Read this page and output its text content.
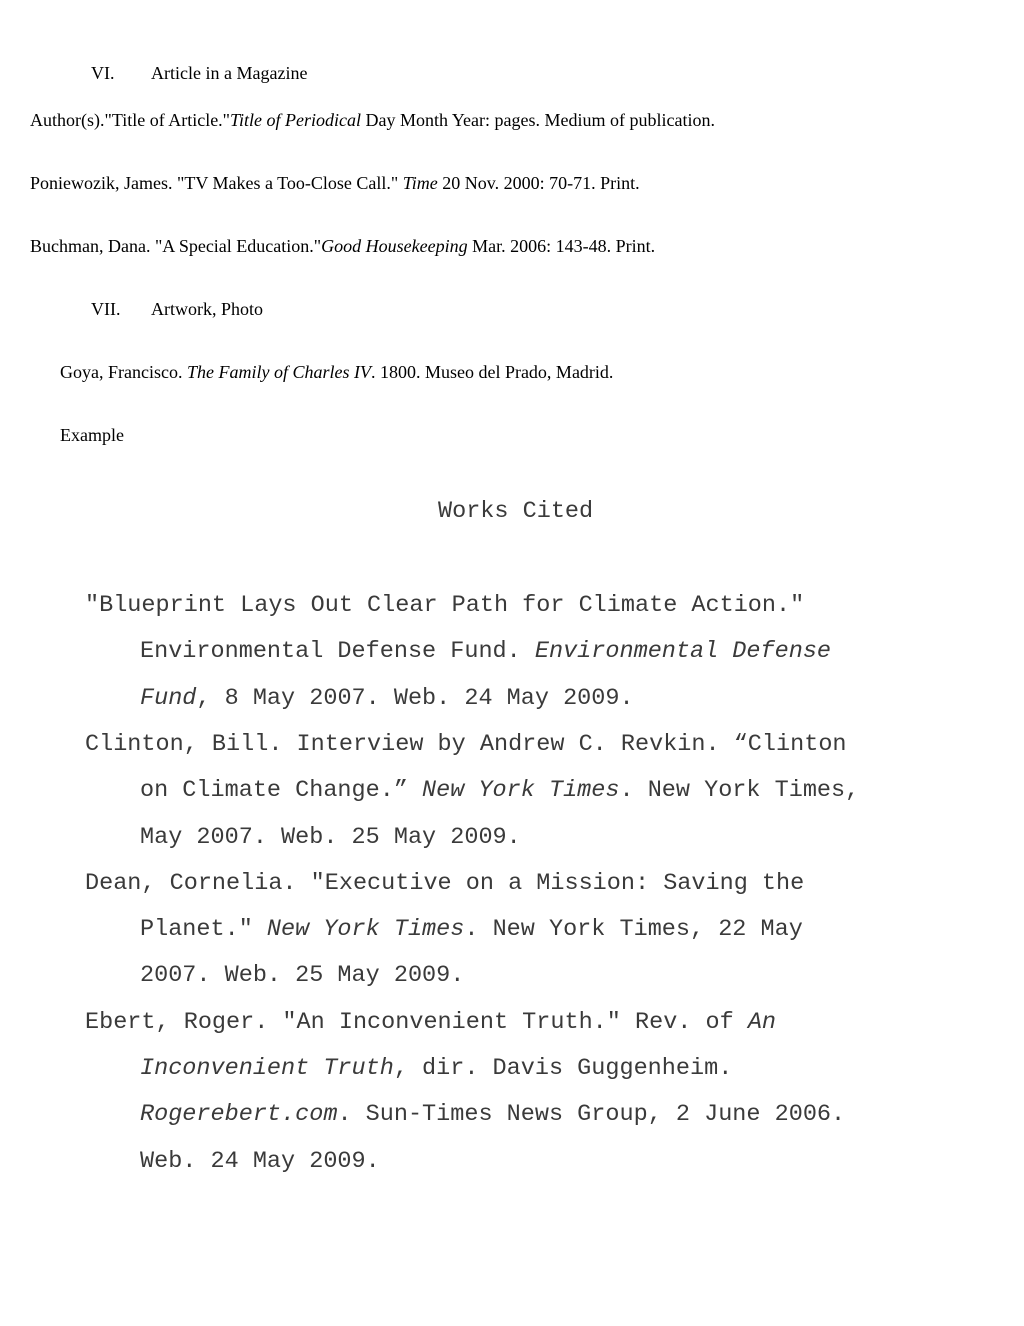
VI. Article in a Magazine
Author(s)."Title of Article."Title of Periodical Day Month Year: pages. Medium of publication.
Poniewozik, James. "TV Makes a Too-Close Call." Time 20 Nov. 2000: 70-71. Print.
Buchman, Dana. "A Special Education."Good Housekeeping Mar. 2006: 143-48. Print.
VII. Artwork, Photo
Goya, Francisco. The Family of Charles IV. 1800. Museo del Prado, Madrid.
Example
Works Cited
"Blueprint Lays Out Clear Path for Climate Action."
Environmental Defense Fund. Environmental Defense
Fund, 8 May 2007. Web. 24 May 2009.
Clinton, Bill. Interview by Andrew C. Revkin. “Clinton
on Climate Change.” New York Times. New York Times,
May 2007. Web. 25 May 2009.
Dean, Cornelia. "Executive on a Mission: Saving the
Planet." New York Times. New York Times, 22 May
2007. Web. 25 May 2009.
Ebert, Roger. "An Inconvenient Truth." Rev. of An
Inconvenient Truth, dir. Davis Guggenheim.
Rogerebert.com. Sun-Times News Group, 2 June 2006.
Web. 24 May 2009.
